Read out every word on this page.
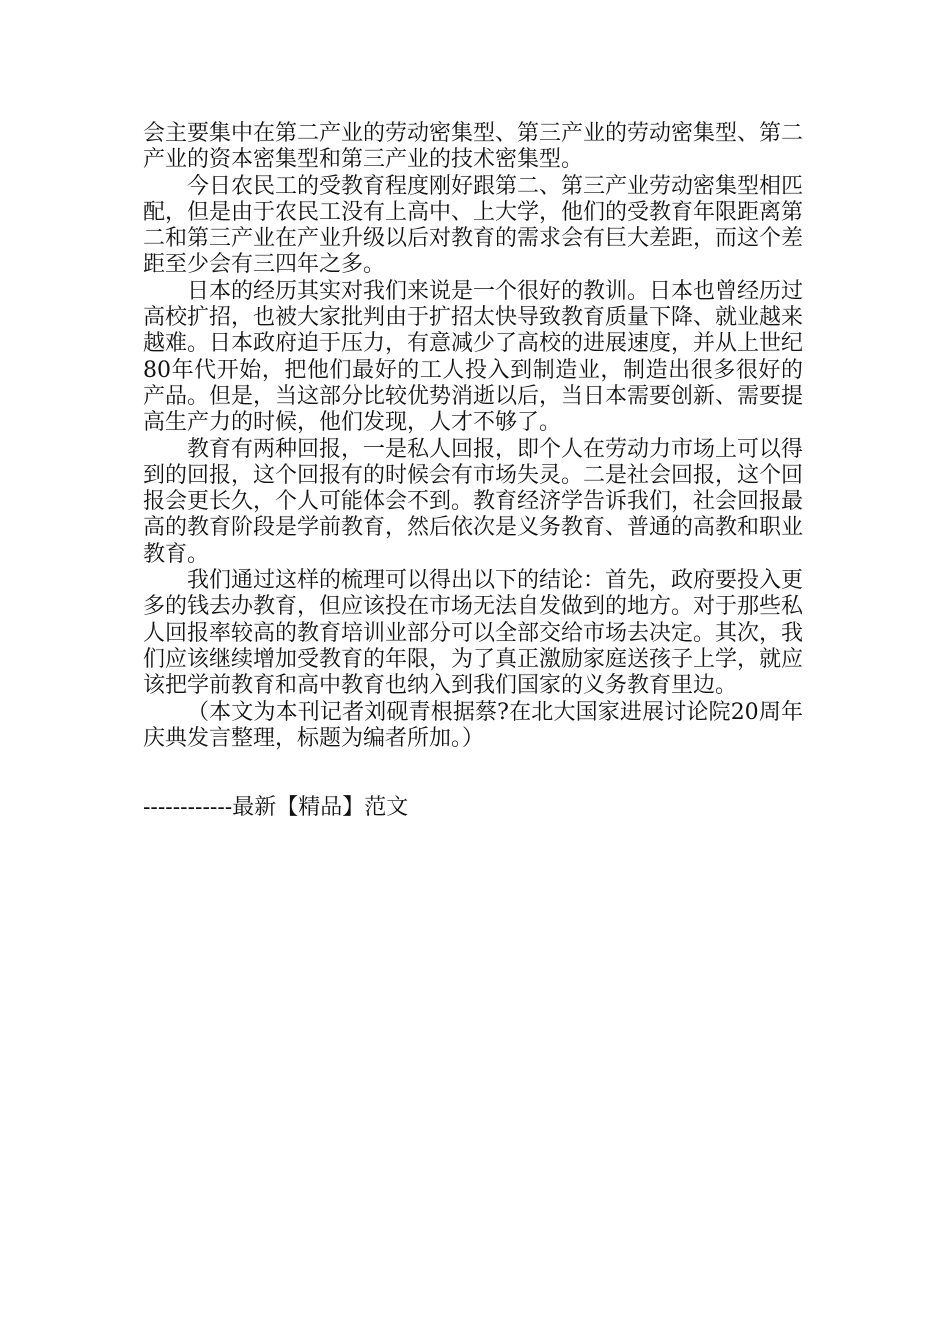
会主要集中在第二产业的劳动密集型、第三产业的劳动密集型、第二产业的资本密集型和第三产业的技术密集型。

今日农民工的受教育程度刚好跟第二、第三产业劳动密集型相匹配，但是由于农民工没有上高中、上大学，他们的受教育年限距离第二和第三产业在产业升级以后对教育的需求会有巨大差距，而这个差距至少会有三四年之多。

日本的经历其实对我们来说是一个很好的教训。日本也曾经历过高校扩招，也被大家批判由于扩招太快导致教育质量下降、就业越来越难。日本政府迫于压力，有意减少了高校的进展速度，并从上世纪80年代开始，把他们最好的工人投入到制造业，制造出很多很好的产品。但是，当这部分比较优势消逝以后，当日本需要创新、需要提高生产力的时候，他们发现，人才不够了。

教育有两种回报，一是私人回报，即个人在劳动力市场上可以得到的回报，这个回报有的时候会有市场失灵。二是社会回报，这个回报会更长久，个人可能体会不到。教育经济学告诉我们，社会回报最高的教育阶段是学前教育，然后依次是义务教育、普通的高教和职业教育。

我们通过这样的梳理可以得出以下的结论：首先，政府要投入更多的钱去办教育，但应该投在市场无法自发做到的地方。对于那些私人回报率较高的教育培训业部分可以全部交给市场去决定。其次，我们应该继续增加受教育的年限，为了真正激励家庭送孩子上学，就应该把学前教育和高中教育也纳入到我们国家的义务教育里边。

（本文为本刊记者刘砚青根据蔡?在北大国家进展讨论院20周年庆典发言整理，标题为编者所加。）

------------最新【精品】范文
